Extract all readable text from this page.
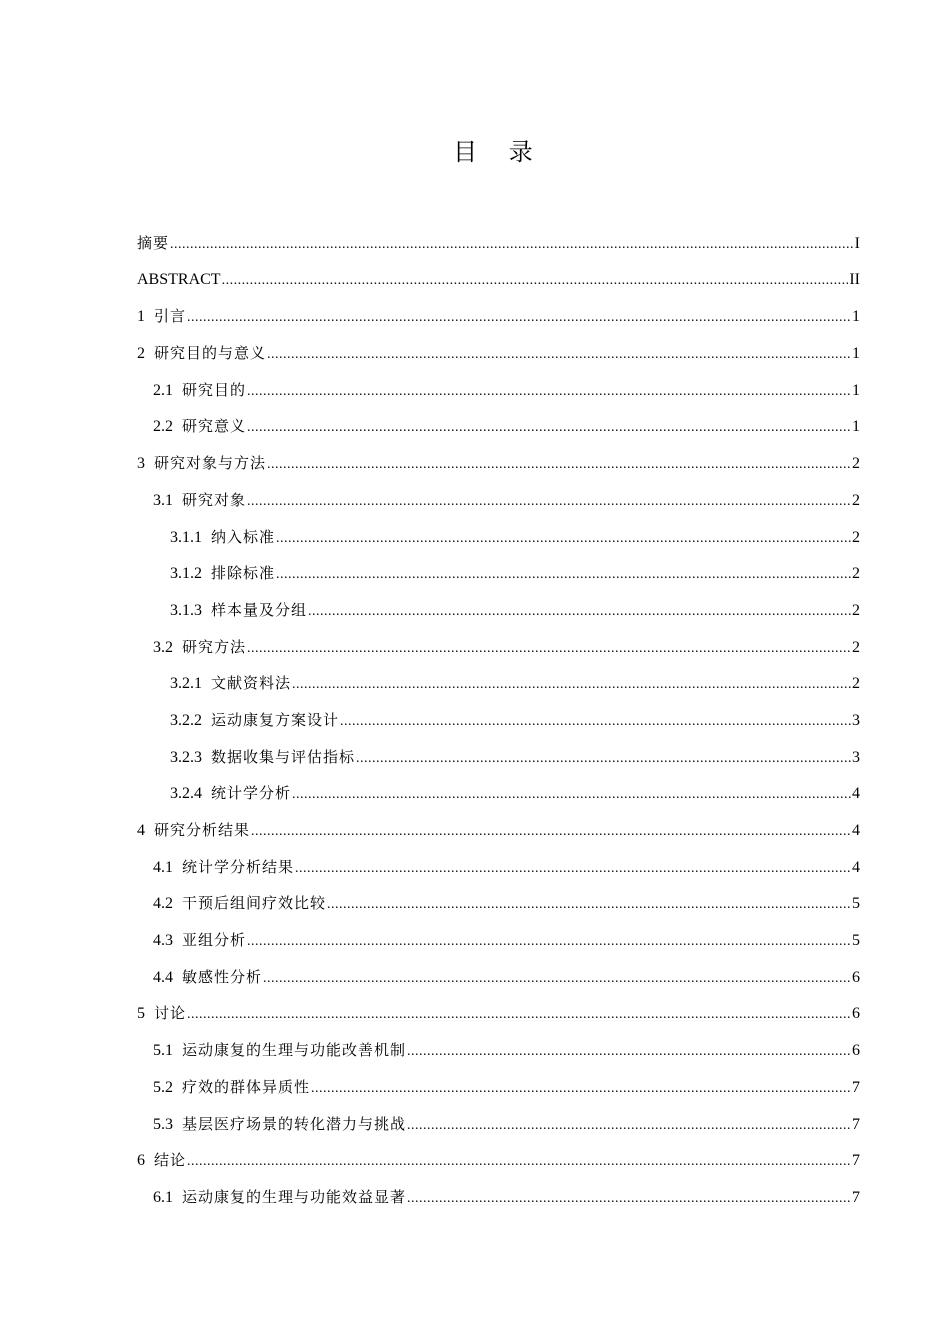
目 录
摘要 .....	I
ABSTRACT .....	II
1 引言 .....	1
2 研究目的与意义 .....	1
2.1 研究目的 .....	1
2.2 研究意义 .....	1
3 研究对象与方法 .....	2
3.1 研究对象 .....	2
3.1.1 纳入标准 .....	2
3.1.2 排除标准 .....	2
3.1.3 样本量及分组 .....	2
3.2 研究方法 .....	2
3.2.1 文献资料法 .....	2
3.2.2 运动康复方案设计 .....	3
3.2.3 数据收集与评估指标 .....	3
3.2.4 统计学分析 .....	4
4 研究分析结果 .....	4
4.1 统计学分析结果 .....	4
4.2 干预后组间疗效比较 .....	5
4.3 亚组分析 .....	5
4.4 敏感性分析 .....	6
5 讨论 .....	6
5.1 运动康复的生理与功能改善机制 .....	6
5.2 疗效的群体异质性 .....	7
5.3 基层医疗场景的转化潜力与挑战 .....	7
6 结论 .....	7
6.1 运动康复的生理与功能效益显著 .....	7
